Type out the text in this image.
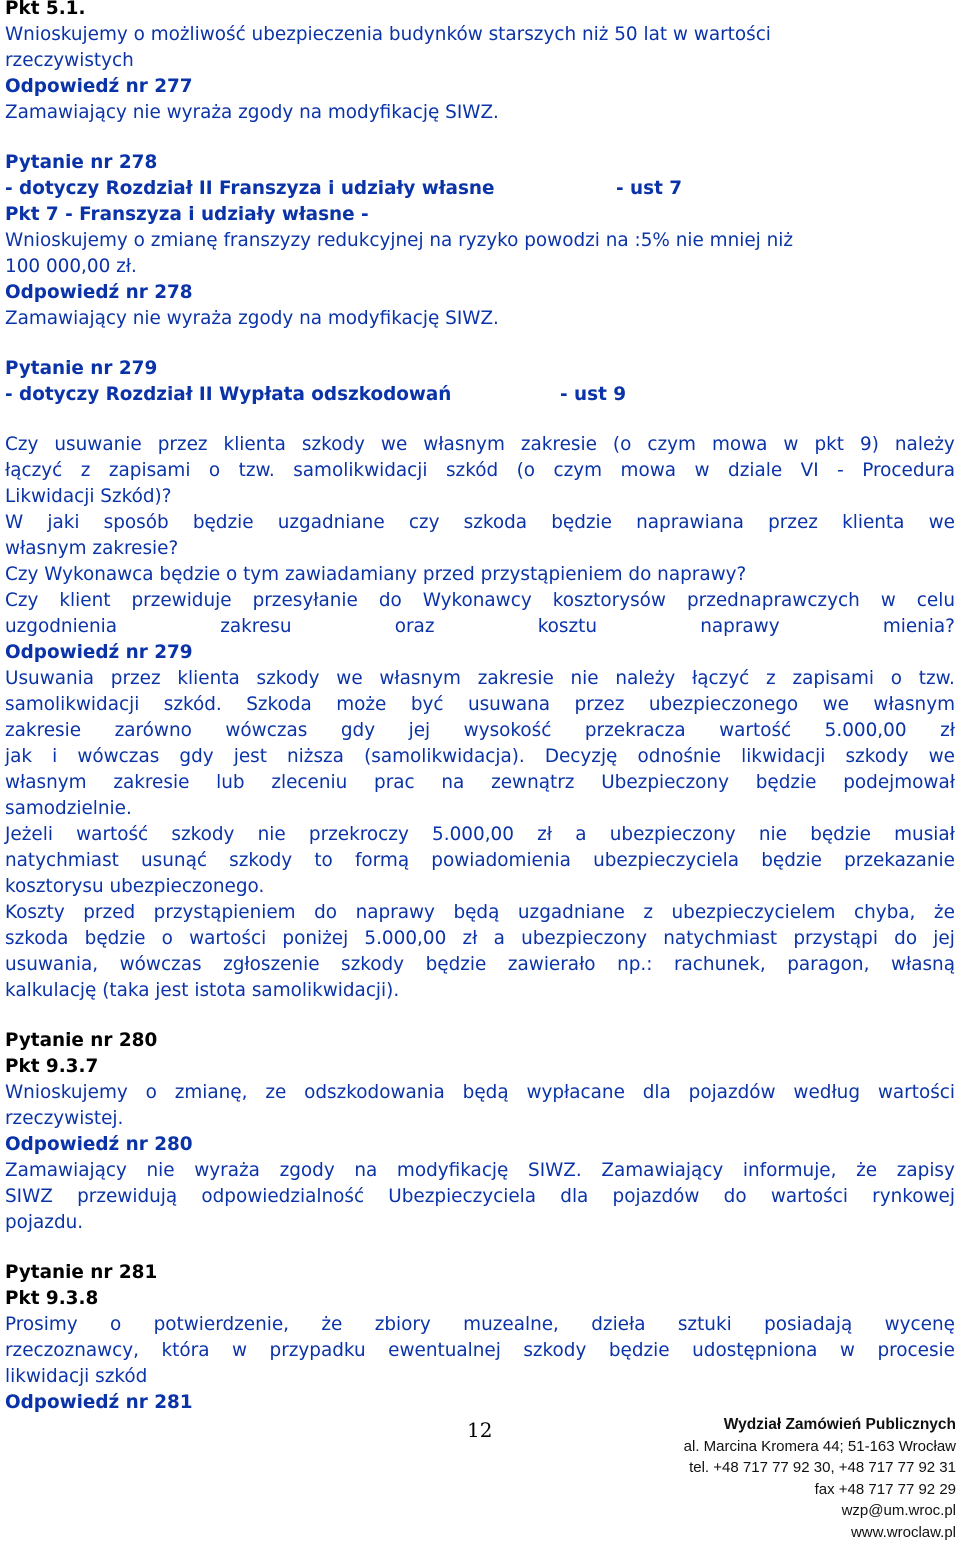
Pkt 5.1.
Wnioskujemy o możliwość ubezpieczenia budynków starszych niż 50 lat w wartości
rzeczywistych
Odpowiedź nr 277
Zamawiający nie wyraża zgody na modyfikację SIWZ.
Pytanie nr 278
- dotyczy Rozdział II Franszyza i udziały własne	- ust 7
Pkt 7 - Franszyza i udziały własne -
Wnioskujemy o zmianę franszyzy redukcyjnej na ryzyko powodzi na :5% nie mniej niż
100 000,00 zł.
Odpowiedź nr 278
Zamawiający nie wyraża zgody na modyfikację SIWZ.
Pytanie nr 279
- dotyczy Rozdział II Wypłata odszkodowań	- ust 9
Czy usuwanie przez klienta szkody we własnym zakresie (o czym mowa w pkt 9) należy
łączyć z zapisami o tzw. samolikwidacji szkód (o czym mowa w dziale VI - Procedura
Likwidacji Szkód)?
W jaki sposób będzie uzgadniane czy szkoda będzie naprawiana przez klienta we
własnym zakresie?
Czy Wykonawca będzie o tym zawiadamiany przed przystąpieniem do naprawy?
Czy klient przewiduje przesyłanie do Wykonawcy kosztorysów przednaprawczych w celu
uzgodnienia	zakresu	oraz	kosztu	naprawy	mienia?
Odpowiedź nr 279
Usuwania przez klienta szkody we własnym zakresie nie należy łączyć z zapisami o tzw.
samolikwidacji szkód. Szkoda może być usuwana przez ubezpieczonego we własnym
zakresie zarówno wówczas gdy jej wysokość przekracza wartość 5.000,00 zł
jak i wówczas gdy jest niższa (samolikwidacja). Decyzję odnośnie likwidacji szkody we
własnym zakresie lub zleceniu prac na zewnątrz Ubezpieczony będzie podejmował
samodzielnie.
Jeżeli wartość szkody nie przekroczy 5.000,00 zł a ubezpieczony nie będzie musiał
natychmiast usunąć szkody to formą powiadomienia ubezpieczyciela będzie przekazanie
kosztorysu ubezpieczonego.
Koszty przed przystąpieniem do naprawy będą uzgadniane z ubezpieczycielem chyba, że
szkoda będzie o wartości poniżej 5.000,00 zł a ubezpieczony natychmiast przystąpi do jej
usuwania, wówczas zgłoszenie szkody będzie zawierało np.: rachunek, paragon, własną
kalkulację (taka jest istota samolikwidacji).
Pytanie nr 280
Pkt 9.3.7
Wnioskujemy o zmianę, ze odszkodowania będą wypłacane dla pojazdów według wartości
rzeczywistej.
Odpowiedź nr 280
Zamawiający nie wyraża zgody na modyfikację SIWZ. Zamawiający informuje, że zapisy
SIWZ przewidują odpowiedzialność Ubezpieczyciela dla pojazdów do wartości rynkowej
pojazdu.
Pytanie nr 281
Pkt 9.3.8
Prosimy o potwierdzenie, że zbiory muzealne, dzieła sztuki posiadają wycenę
rzeczoznawcy, która w przypadku ewentualnej szkody będzie udostępniona w procesie
likwidacji szkód
Odpowiedź nr 281
12	Wydział Zamówień Publicznych
al. Marcina Kromera 44; 51-163 Wrocław
tel. +48 717 77 92 30, +48 717 77 92 31
fax +48 717 77 92 29
wzp@um.wroc.pl
www.wroclaw.pl
